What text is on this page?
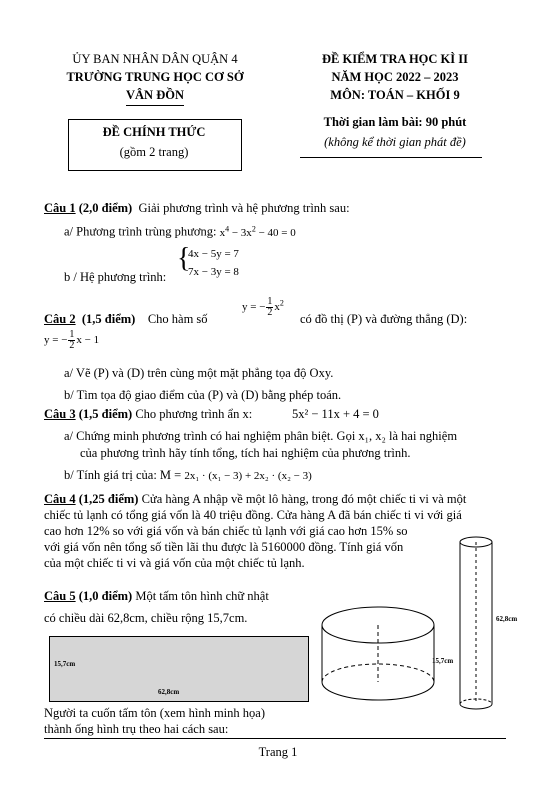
ỦY BAN NHÂN DÂN QUẬN 4
TRƯỜNG TRUNG HỌC CƠ SỞ
VÂN ĐỒN
ĐỀ CHÍNH THỨC
(gồm 2 trang)
ĐỀ KIỂM TRA HỌC KÌ II
NĂM HỌC 2022 – 2023
MÔN: TOÁN – KHỐI 9
Thời gian làm bài: 90 phút
(không kể thời gian phát đề)
Câu 1 (2,0 điểm) Giải phương trình và hệ phương trình sau:
a/ Phương trình trùng phương: $x^4 - 3x^2 - 40 = 0$
b / Hệ phương trình:
{
4x − 5y = 7
7x − 3y = 8
Câu 2 (1,5 điểm) Cho hàm số
y = − $\frac{1}{2} x^2$
có đồ thị (P) và đường thẳng (D):
y = − $\frac{1}{2}$ x − 1
a/ Vẽ (P) và (D) trên cùng một mặt phẳng tọa độ Oxy.
b/ Tìm tọa độ giao điểm của (P) và (D) bằng phép toán.
Câu 3 (1,5 điểm) Cho phương trình ẩn x:	5x² − 11x + 4 = 0
a/ Chứng minh phương trình có hai nghiệm phân biệt. Gọi x₁, x₂ là hai nghiệm
của phương trình hãy tính tổng, tích hai nghiệm của phương trình.
b/ Tính giá trị của: M = 2x₁ · (x₁ − 3) + 2x₂ · (x₂ − 3)
Câu 4 (1,25 điểm) Cửa hàng A nhập về một lô hàng, trong đó một chiếc ti vi và một
chiếc tủ lạnh có tổng giá vốn là 40 triệu đồng. Cửa hàng A đã bán chiếc ti vi với giá
cao hơn 12% so với giá vốn và bán chiếc tủ lạnh với giá cao hơn 15% so
với giá vốn nên tổng số tiền lãi thu được là 5160000 đồng. Tính giá vốn
của một chiếc ti vi và giá vốn của một chiếc tủ lạnh.
Câu 5 (1,0 điểm) Một tấm tôn hình chữ nhật
có chiều dài 62,8cm, chiều rộng 15,7cm.
15,7cm
62,8cm
15,7cm
62,8cm
Người ta cuốn tấm tôn (xem hình minh họa)
thành ống hình trụ theo hai cách sau:
Trang 1
